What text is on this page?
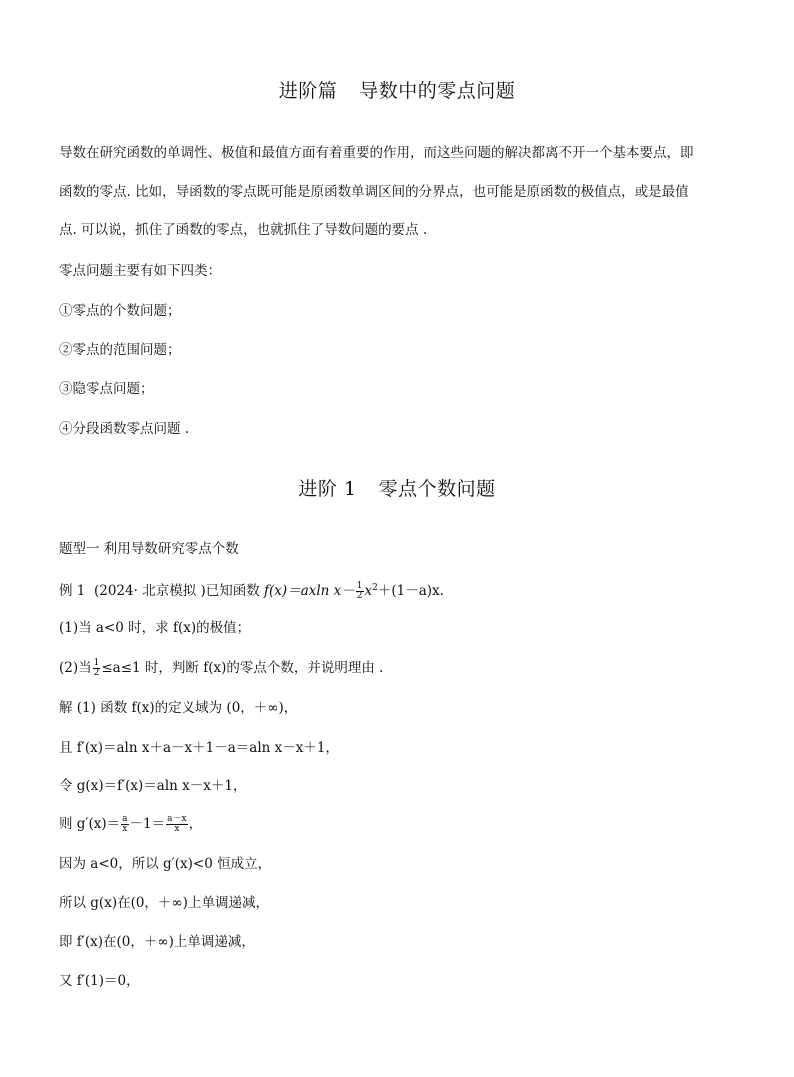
进阶篇 导数中的零点问题
导数在研究函数的单调性、极值和最值方面有着重要的作用，而这些问题的解决都离不开一个基本要点，即
函数的零点. 比如，导函数的零点既可能是原函数单调区间的分界点，也可能是原函数的极值点，或是最值
点. 可以说，抓住了函数的零点，也就抓住了导数问题的要点 .
零点问题主要有如下四类：
①零点的个数问题；
②零点的范围问题；
③隐零点问题；
④分段函数零点问题 .
进阶 1 零点个数问题
题型一 利用导数研究零点个数
例 1 (2024· 北京模拟 )已知函数 f(x)＝axln $x- \frac{1}{2} x^2+(1-a)x$.
(1)当 a<0 时，求 f(x)的极值；
(2)当 $\frac{1}{2} \le a\le 1$ 时，判断 f(x)的零点个数，并说明理由 .
解 (1) 函数 f(x)的定义域为 (0，＋∞)，
且 f′(x)＝aln x＋a－x＋1－a＝aln x－x＋1，
令 g(x)＝f′(x)＝aln x－x＋1，
则 $g'(x)= \frac{a}{x} -1= \frac{a-x}{x}$ ，
因为 a<0，所以 g′(x)<0 恒成立，
所以 g(x)在(0，＋∞)上单调递减，
即 f′(x)在(0，＋∞)上单调递减，
又 f′(1)＝0，
